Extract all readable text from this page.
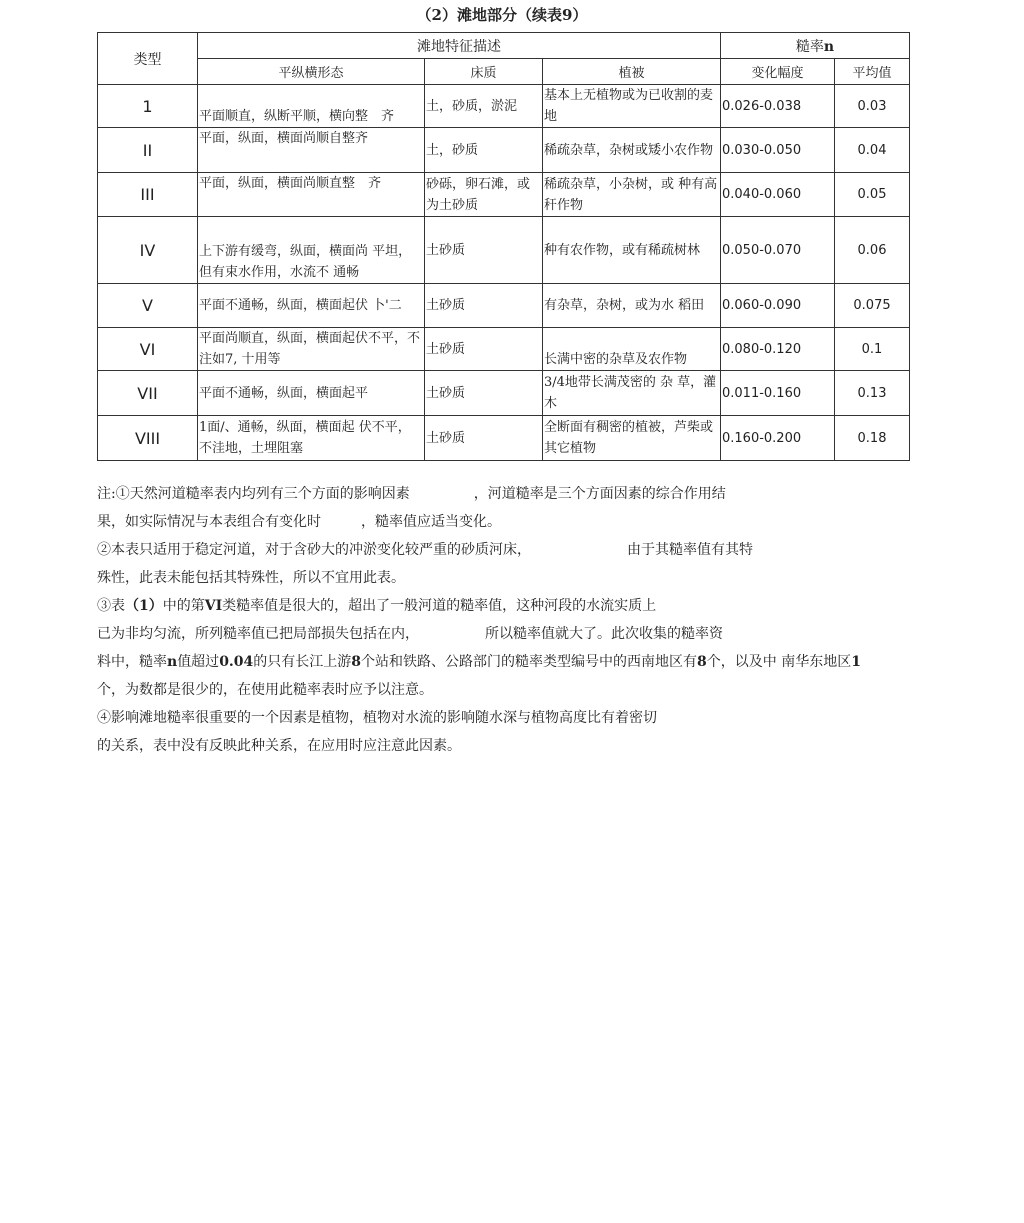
（2）滩地部分（续表9）
类型	滩地特征描述			糙率n	
	平纵横形态	床质	植被	变化幅度	平均值
1	平面顺直，纵断平顺，横向整　齐	土，砂质，淤泥	基本上无植物或为已收割的麦地	0.026-0.038	0.03
II	平面，纵面，横面尚顺自整齐	土，砂质	稀疏杂草，杂树或矮小农作物	0.030-0.050	0.04
III	平面，纵面，横面尚顺直整　齐	砂砾，卵石滩，或为土砂质	稀疏杂草，小杂树，或 种有高秆作物	0.040-0.060	0.05
IV	上下游有缓弯，纵面，横面尚 平坦，但有束水作用，水流不 通畅	土砂质	种有农作物，或有稀疏树林	0.050-0.070	0.06
V	平面不通畅，纵面，横面起伏 卜'二	土砂质	有杂草，杂树，或为水 稻田	0.060-0.090	0.075
VI	平面尚顺直，纵面，横面起伏不平，不注如7, 十用等	土砂质	长满中密的杂草及农作物	0.080-0.120	0.1
VII	平面不通畅，纵面，横面起平	土砂质	3/4地带长满茂密的 杂 草，灌木	0.011-0.160	0.13
VIII	1面/、通畅，纵面，横面起 伏不平，不洼地，土埋阻塞	土砂质	全断面有稠密的植被，芦柴或其它植物	0.160-0.200	0.18

注:①天然河道糙率表内均列有三个方面的影响因素	，河道糙率是三个方面因素的综合作用结

果，如实际情况与本表组合有变化时	，糙率值应适当变化。

②本表只适用于稳定河道，对于含砂大的冲淤变化较严重的砂质河床，	由于其糙率值有其特

殊性，此表未能包括其特殊性，所以不宜用此表。

③表（1）中的第VI类糙率值是很大的，超出了一般河道的糙率值，这种河段的水流实质上

已为非均匀流，所列糙率值已把局部损失包括在内，	所以糙率值就大了。此次收集的糙率资

料中，糙率n值超过0.04的只有长江上游8个站和铁路、公路部门的糙率类型编号中的西南地区有8个，以及中 南华东地区1

个，为数都是很少的，在使用此糙率表时应予以注意。

④影响滩地糙率很重要的一个因素是植物，植物对水流的影响随水深与植物高度比有着密切

的关系，表中没有反映此种关系，在应用时应注意此因素。
